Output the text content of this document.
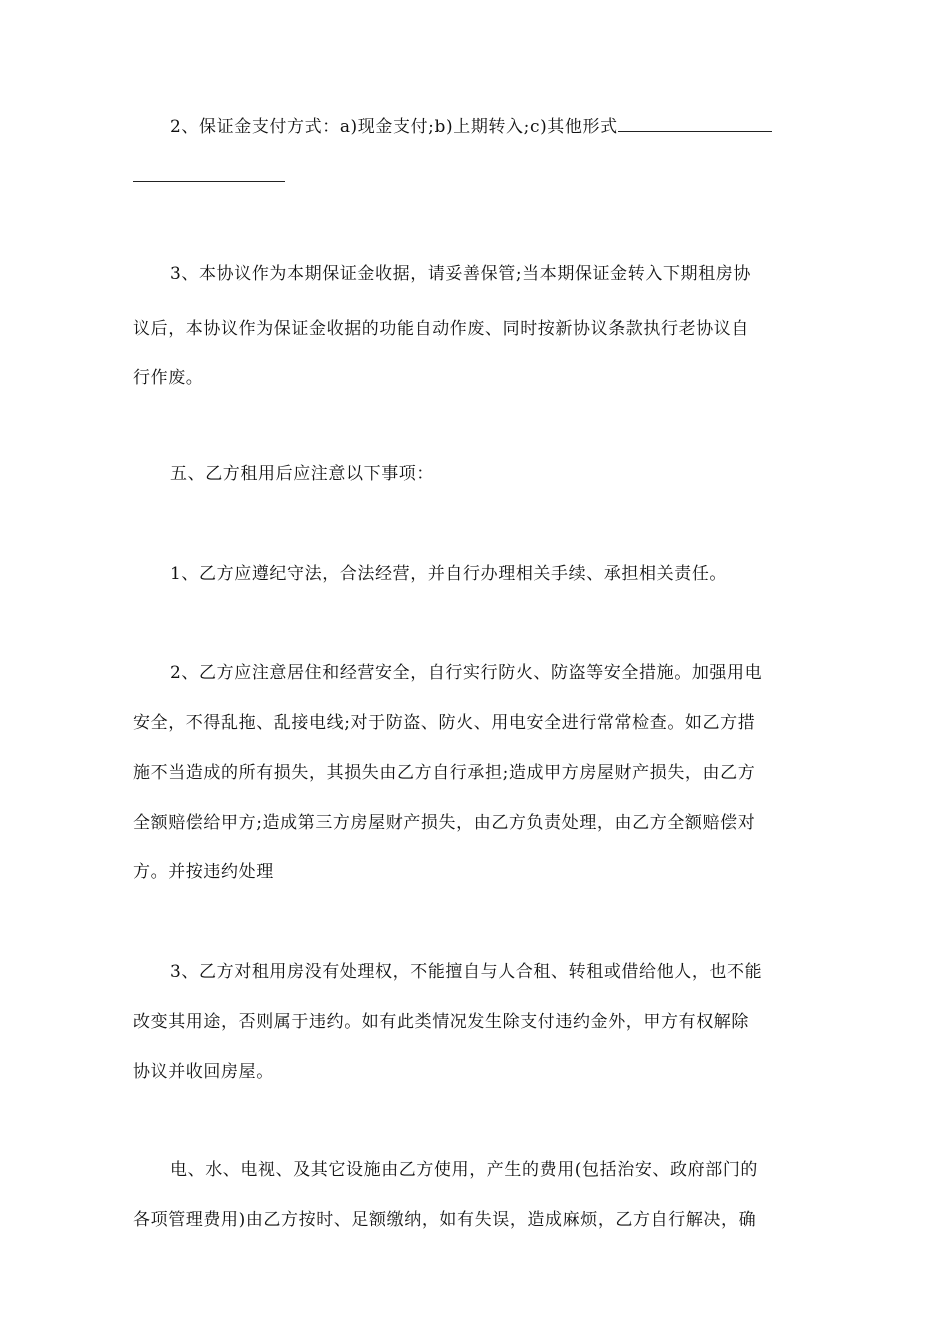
2、保证金支付方式：a)现金支付;b)上期转入;c)其他形式
3、本协议作为本期保证金收据，请妥善保管;当本期保证金转入下期租房协
议后，本协议作为保证金收据的功能自动作废、同时按新协议条款执行老协议自
行作废。
五、乙方租用后应注意以下事项：
1、乙方应遵纪守法，合法经营，并自行办理相关手续、承担相关责任。
2、乙方应注意居住和经营安全，自行实行防火、防盗等安全措施。加强用电
安全，不得乱拖、乱接电线;对于防盗、防火、用电安全进行常常检查。如乙方措
施不当造成的所有损失，其损失由乙方自行承担;造成甲方房屋财产损失，由乙方
全额赔偿给甲方;造成第三方房屋财产损失，由乙方负责处理，由乙方全额赔偿对
方。并按违约处理
3、乙方对租用房没有处理权，不能擅自与人合租、转租或借给他人，也不能
改变其用途，否则属于违约。如有此类情况发生除支付违约金外，甲方有权解除
协议并收回房屋。
电、水、电视、及其它设施由乙方使用，产生的费用(包括治安、政府部门的
各项管理费用)由乙方按时、足额缴纳，如有失误，造成麻烦，乙方自行解决，确
